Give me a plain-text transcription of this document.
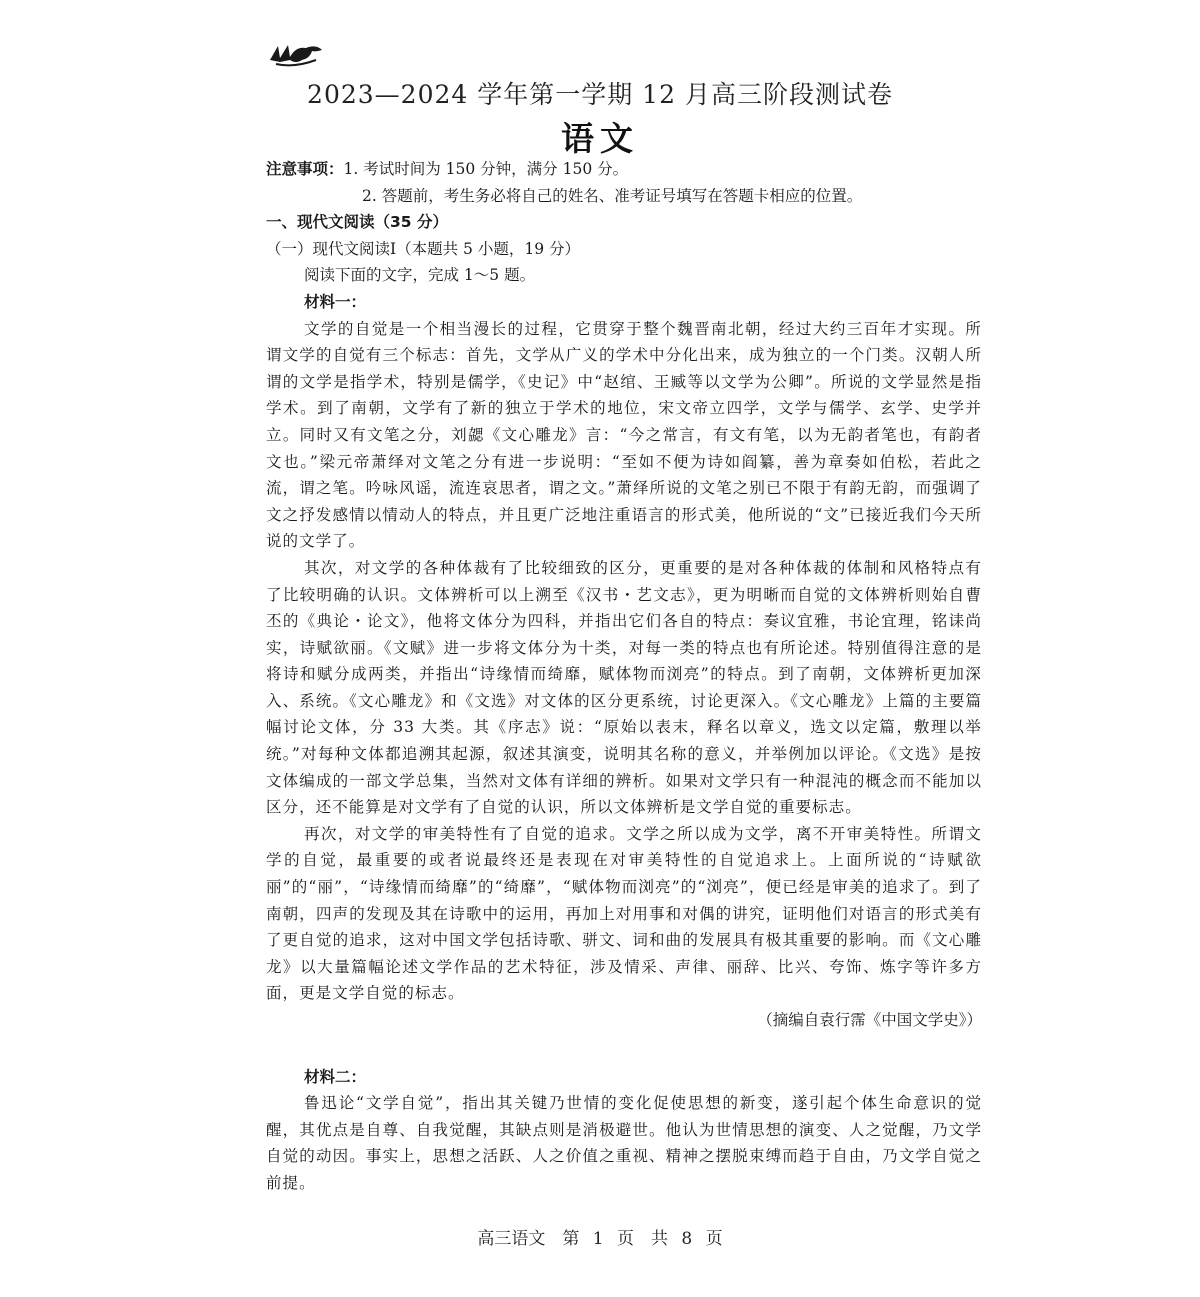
2023—2024 学年第一学期 12 月高三阶段测试卷
语文
注意事项：1. 考试时间为 150 分钟，满分 150 分。
2. 答题前，考生务必将自己的姓名、准考证号填写在答题卡相应的位置。
一、现代文阅读（35 分）
（一）现代文阅读Ⅰ（本题共 5 小题，19 分）
阅读下面的文字，完成 1～5 题。
材料一：

文学的自觉是一个相当漫长的过程，它贯穿于整个魏晋南北朝，经过大约三百年才实现。所谓文学的自觉有三个标志：首先，文学从广义的学术中分化出来，成为独立的一个门类。汉朝人所谓的文学是指学术，特别是儒学，《史记》中“赵绾、王臧等以文学为公卿”。所说的文学显然是指学术。到了南朝，文学有了新的独立于学术的地位，宋文帝立四学，文学与儒学、玄学、史学并立。同时又有文笔之分，刘勰《文心雕龙》言：“今之常言，有文有笔，以为无韵者笔也，有韵者文也。”梁元帝萧绎对文笔之分有进一步说明：“至如不便为诗如阎纂，善为章奏如伯松，若此之流，谓之笔。吟咏风谣，流连哀思者，谓之文。”萧绎所说的文笔之别已不限于有韵无韵，而强调了文之抒发感情以情动人的特点，并且更广泛地注重语言的形式美，他所说的“文”已接近我们今天所说的文学了。

其次，对文学的各种体裁有了比较细致的区分，更重要的是对各种体裁的体制和风格特点有了比较明确的认识。文体辨析可以上溯至《汉书・艺文志》，更为明晰而自觉的文体辨析则始自曹丕的《典论・论文》，他将文体分为四科，并指出它们各自的特点：奏议宜雅，书论宜理，铭诔尚实，诗赋欲丽。《文赋》进一步将文体分为十类，对每一类的特点也有所论述。特别值得注意的是将诗和赋分成两类，并指出“诗缘情而绮靡，赋体物而浏亮”的特点。到了南朝，文体辨析更加深入、系统。《文心雕龙》和《文选》对文体的区分更系统，讨论更深入。《文心雕龙》上篇的主要篇幅讨论文体，分 33 大类。其《序志》说：“原始以表末，释名以章义，选文以定篇，敷理以举统。”对每种文体都追溯其起源，叙述其演变，说明其名称的意义，并举例加以评论。《文选》是按文体编成的一部文学总集，当然对文体有详细的辨析。如果对文学只有一种混沌的概念而不能加以区分，还不能算是对文学有了自觉的认识，所以文体辨析是文学自觉的重要标志。

再次，对文学的审美特性有了自觉的追求。文学之所以成为文学，离不开审美特性。所谓文学的自觉，最重要的或者说最终还是表现在对审美特性的自觉追求上。上面所说的“诗赋欲丽”的“丽”，“诗缘情而绮靡”的“绮靡”，“赋体物而浏亮”的“浏亮”，便已经是审美的追求了。到了南朝，四声的发现及其在诗歌中的运用，再加上对用事和对偶的讲究，证明他们对语言的形式美有了更自觉的追求，这对中国文学包括诗歌、骈文、词和曲的发展具有极其重要的影响。而《文心雕龙》以大量篇幅论述文学作品的艺术特征，涉及情采、声律、丽辞、比兴、夸饰、炼字等许多方面，更是文学自觉的标志。

（摘编自袁行霈《中国文学史》）
材料二：

鲁迅论“文学自觉”，指出其关键乃世情的变化促使思想的新变，遂引起个体生命意识的觉醒，其优点是自尊、自我觉醒，其缺点则是消极避世。他认为世情思想的演变、人之觉醒，乃文学自觉的动因。事实上，思想之活跃、人之价值之重视、精神之摆脱束缚而趋于自由，乃文学自觉之前提。

高三语文　第 1 页　共 8 页
